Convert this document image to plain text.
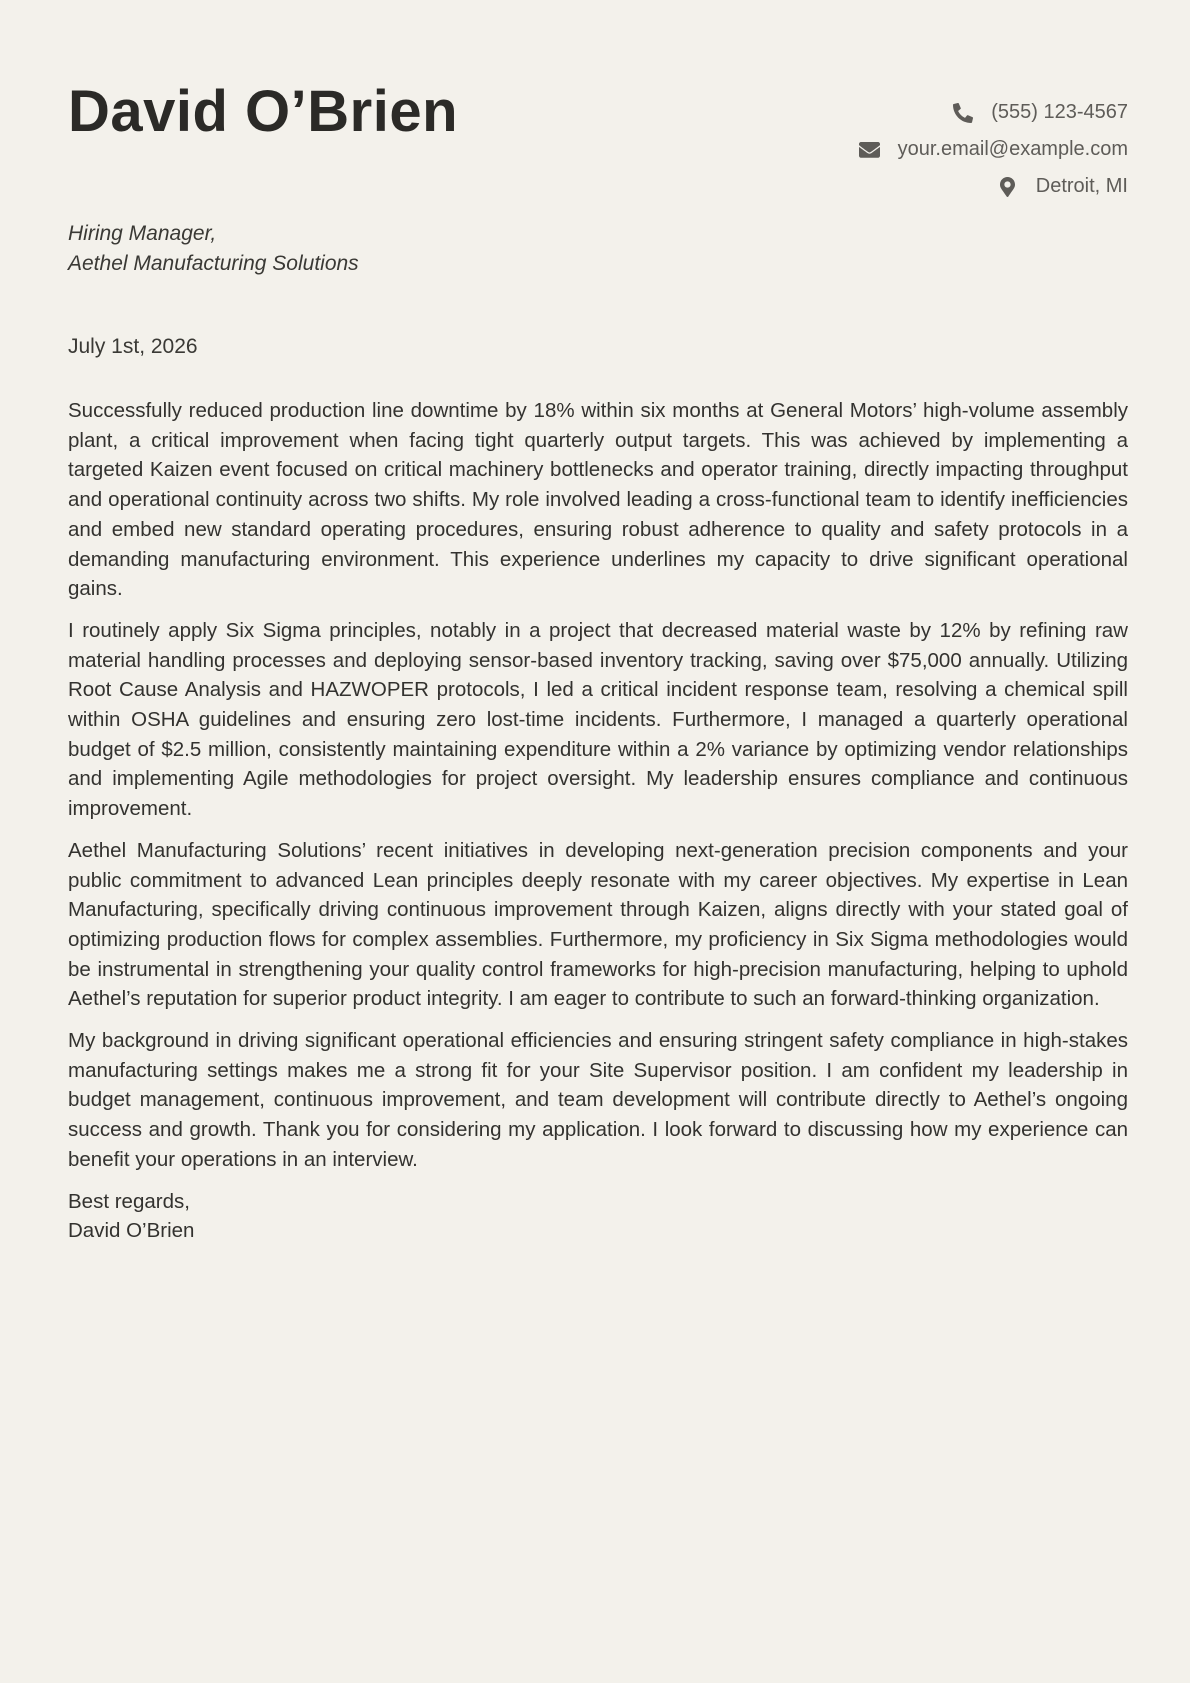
David O’Brien	(555) 123-4567
your.email@example.com
Detroit, MI
Hiring Manager,
Aethel Manufacturing Solutions
July 1st, 2026

Successfully reduced production line downtime by 18% within six months at General Motors’ high-volume assembly plant, a critical improvement when facing tight quarterly output targets. This was achieved by implementing a targeted Kaizen event focused on critical machinery bottlenecks and operator training, directly impacting throughput and operational continuity across two shifts. My role involved leading a cross-functional team to identify inefficiencies and embed new standard operating procedures, ensuring robust adherence to quality and safety protocols in a demanding manufacturing environment. This experience underlines my capacity to drive significant operational gains.

I routinely apply Six Sigma principles, notably in a project that decreased material waste by 12% by refining raw material handling processes and deploying sensor-based inventory tracking, saving over $75,000 annually. Utilizing Root Cause Analysis and HAZWOPER protocols, I led a critical incident response team, resolving a chemical spill within OSHA guidelines and ensuring zero lost-time incidents. Furthermore, I managed a quarterly operational budget of $2.5 million, consistently maintaining expenditure within a 2% variance by optimizing vendor relationships and implementing Agile methodologies for project oversight. My leadership ensures compliance and continuous improvement.

Aethel Manufacturing Solutions’ recent initiatives in developing next-generation precision components and your public commitment to advanced Lean principles deeply resonate with my career objectives. My expertise in Lean Manufacturing, specifically driving continuous improvement through Kaizen, aligns directly with your stated goal of optimizing production flows for complex assemblies. Furthermore, my proficiency in Six Sigma methodologies would be instrumental in strengthening your quality control frameworks for high-precision manufacturing, helping to uphold Aethel’s reputation for superior product integrity. I am eager to contribute to such an forward-thinking organization.

My background in driving significant operational efficiencies and ensuring stringent safety compliance in high-stakes manufacturing settings makes me a strong fit for your Site Supervisor position. I am confident my leadership in budget management, continuous improvement, and team development will contribute directly to Aethel’s ongoing success and growth. Thank you for considering my application. I look forward to discussing how my experience can benefit your operations in an interview.

Best regards,
David O’Brien
